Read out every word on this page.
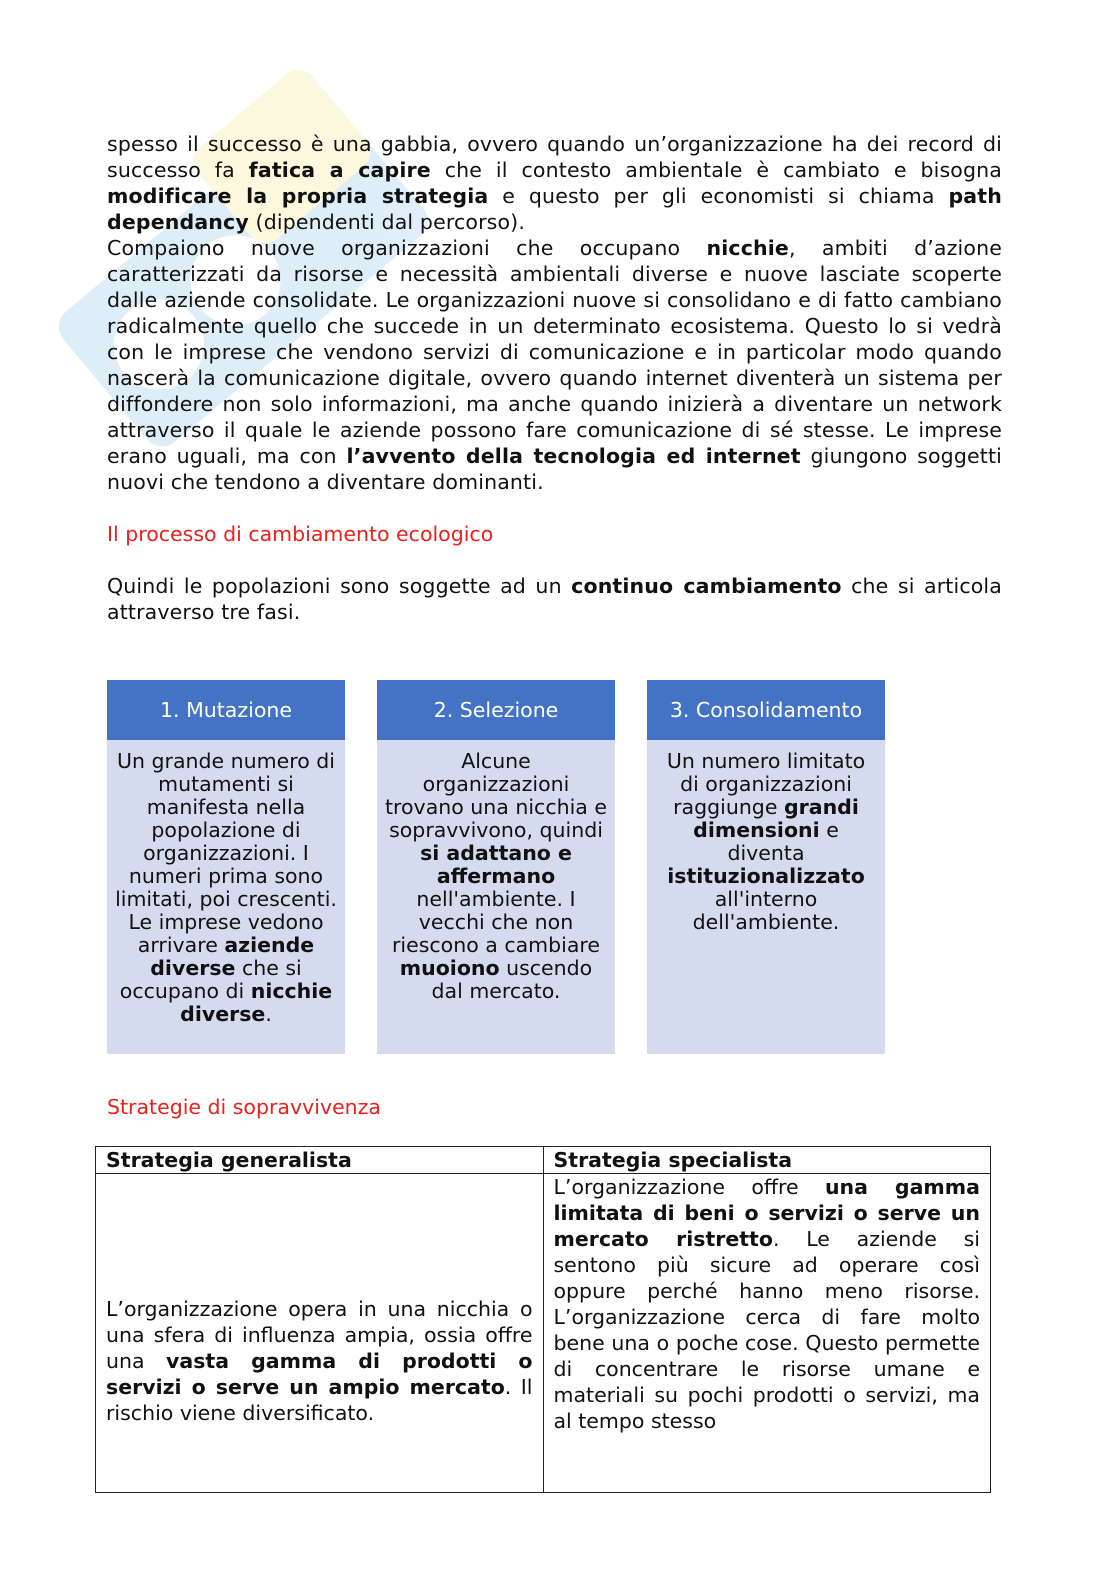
spesso il successo è una gabbia, ovvero quando un’organizzazione ha dei record di successo fa fatica a capire che il contesto ambientale è cambiato e bisogna modificare la propria strategia e questo per gli economisti si chiama path dependancy (dipendenti dal percorso).

Compaiono nuove organizzazioni che occupano nicchie, ambiti d’azione caratterizzati da risorse e necessità ambientali diverse e nuove lasciate scoperte dalle aziende consolidate. Le organizzazioni nuove si consolidano e di fatto cambiano radicalmente quello che succede in un determinato ecosistema. Questo lo si vedrà con le imprese che vendono servizi di comunicazione e in particolar modo quando nascerà la comunicazione digitale, ovvero quando internet diventerà un sistema per diffondere non solo informazioni, ma anche quando inizierà a diventare un network attraverso il quale le aziende possono fare comunicazione di sé stesse. Le imprese erano uguali, ma con l’avvento della tecnologia ed internet giungono soggetti nuovi che tendono a diventare dominanti.

Il processo di cambiamento ecologico

Quindi le popolazioni sono soggette ad un continuo cambiamento che si articola attraverso tre fasi.

1. Mutazione
Un grande numero di mutamenti si manifesta nella popolazione di organizzazioni. I numeri prima sono limitati, poi crescenti. Le imprese vedono arrivare aziende diverse che si occupano di nicchie diverse.
2. Selezione
Alcune organizzazioni trovano una nicchia e sopravvivono, quindi si adattano e affermano nell'ambiente. I vecchi che non riescono a cambiare muoiono uscendo dal mercato.
3. Consolidamento
Un numero limitato di organizzazioni raggiunge grandi dimensioni e diventa istituzionalizzato all'interno dell'ambiente.

Strategie di sopravvivenza

Strategia generalista	Strategia specialista
L’organizzazione opera in una nicchia o una sfera di influenza ampia, ossia offre una vasta gamma di prodotti o servizi o serve un ampio mercato. Il rischio viene diversificato.	L’organizzazione offre una gamma limitata di beni o servizi o serve un mercato ristretto. Le aziende si sentono più sicure ad operare così oppure perché hanno meno risorse. L’organizzazione cerca di fare molto bene una o poche cose. Questo permette di concentrare le risorse umane e materiali su pochi prodotti o servizi, ma al tempo stesso
